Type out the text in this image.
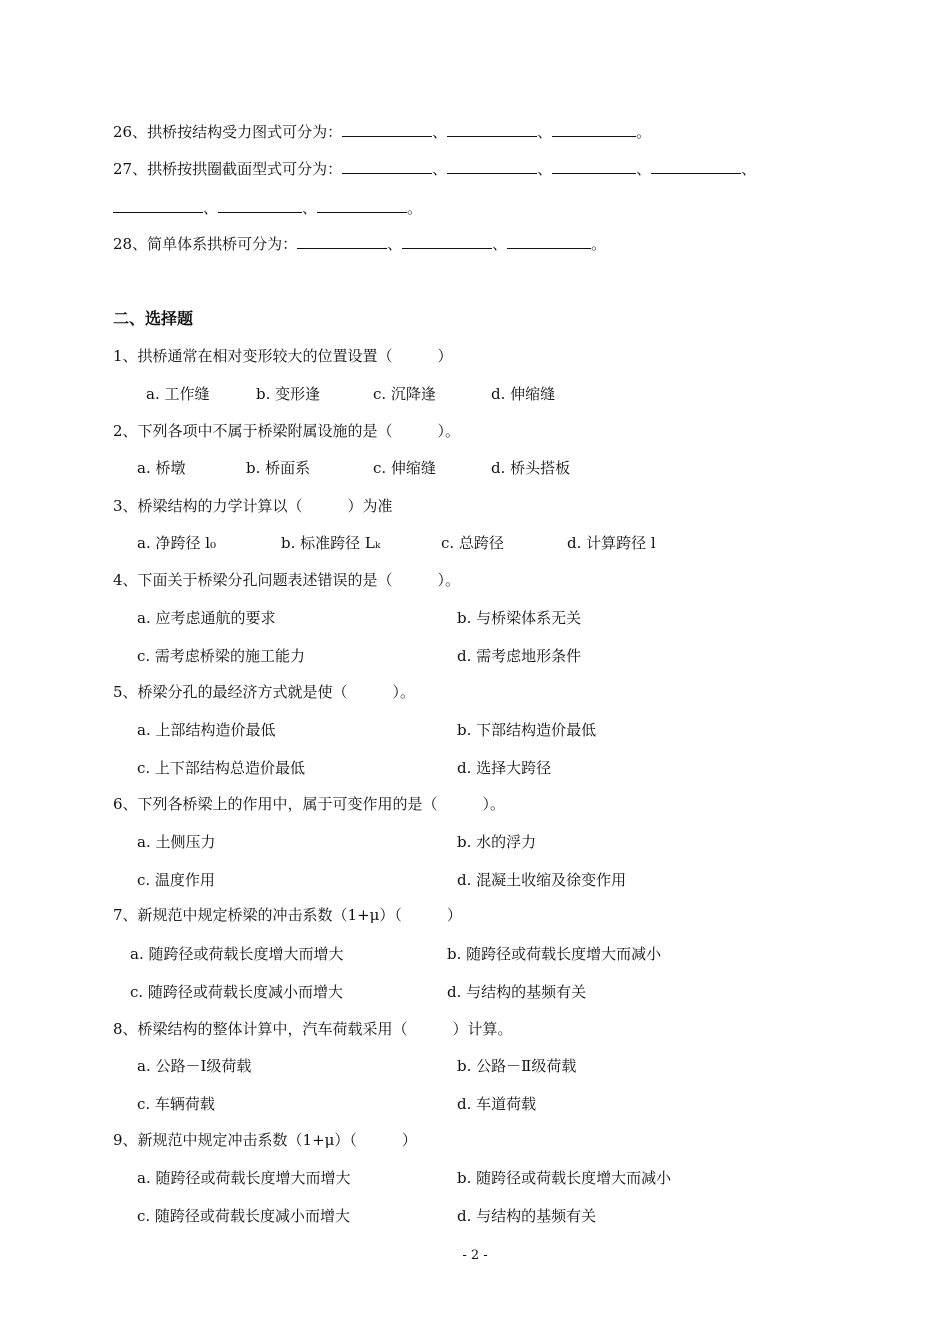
26、拱桥按结构受力图式可分为：	、	、	。
27、拱桥按拱圈截面型式可分为：	、	、	、	、
、	、	。
28、简单体系拱桥可分为：	、	、	。
二、选择题
1、拱桥通常在相对变形较大的位置设置（　　　）
a. 工作缝	b. 变形逢	c. 沉降逢	d. 伸缩缝
2、下列各项中不属于桥梁附属设施的是（　　　）。
a. 桥墩	b. 桥面系	c. 伸缩缝	d. 桥头搭板
3、桥梁结构的力学计算以（　　　）为准
a. 净跨径 l₀	b. 标准跨径 Lₖ	c. 总跨径	d. 计算跨径 l
4、下面关于桥梁分孔问题表述错误的是（　　　）。
a. 应考虑通航的要求	b. 与桥梁体系无关
c. 需考虑桥梁的施工能力	d. 需考虑地形条件
5、桥梁分孔的最经济方式就是使（　　　）。
a. 上部结构造价最低	b. 下部结构造价最低
c. 上下部结构总造价最低	d. 选择大跨径
6、下列各桥梁上的作用中，属于可变作用的是（　　　）。
a. 土侧压力	b. 水的浮力
c. 温度作用	d. 混凝土收缩及徐变作用
7、新规范中规定桥梁的冲击系数（1+μ）（　　　）
a. 随跨径或荷载长度增大而增大	b. 随跨径或荷载长度增大而减小
c. 随跨径或荷载长度减小而增大	d. 与结构的基频有关
8、桥梁结构的整体计算中，汽车荷载采用（　　　）计算。
a. 公路－Ⅰ级荷载	b. 公路－Ⅱ级荷载
c. 车辆荷载	d. 车道荷载
9、新规范中规定冲击系数（1+μ）（　　　）
a. 随跨径或荷载长度增大而增大	b. 随跨径或荷载长度增大而减小
c. 随跨径或荷载长度减小而增大	d. 与结构的基频有关
- 2 -
